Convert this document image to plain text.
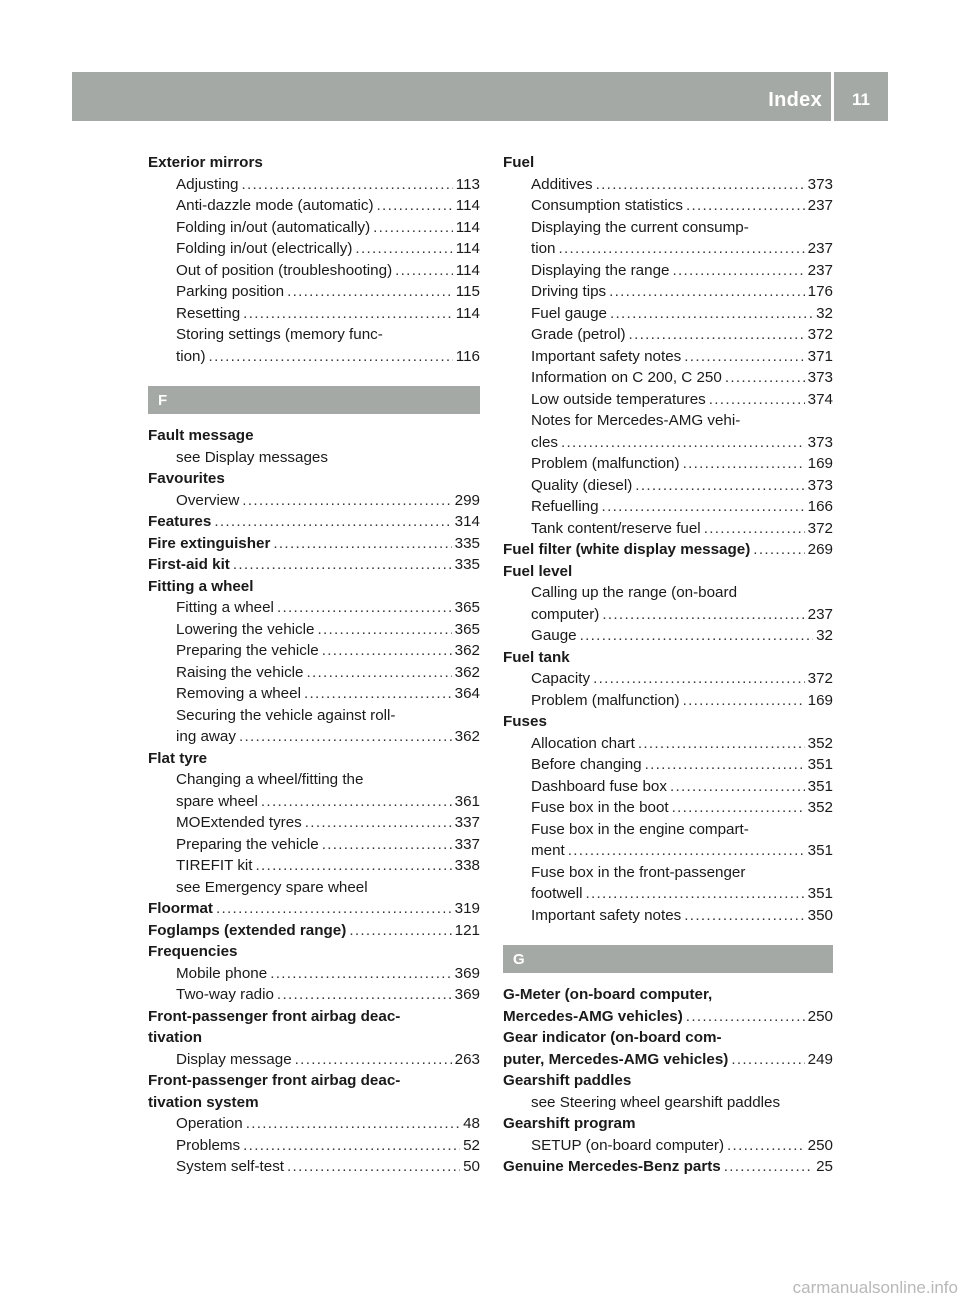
Index	11
Exterior mirrors
Adjusting .....	113
Anti-dazzle mode (automatic) .....	114
Folding in/out (automatically) .....	114
Folding in/out (electrically) .....	114
Out of position (troubleshooting) .....	114
Parking position .....	115
Resetting .....	114
Storing settings (memory func-
tion) .....	116
F
Fault message
see Display messages
Favourites
Overview .....	299
Features .....	314
Fire extinguisher .....	335
First-aid kit .....	335
Fitting a wheel
Fitting a wheel .....	365
Lowering the vehicle .....	365
Preparing the vehicle .....	362
Raising the vehicle .....	362
Removing a wheel .....	364
Securing the vehicle against roll-
ing away .....	362
Flat tyre
Changing a wheel/fitting the
spare wheel .....	361
MOExtended tyres .....	337
Preparing the vehicle .....	337
TIREFIT kit .....	338
see Emergency spare wheel
Floormat .....	319
Foglamps (extended range) .....	121
Frequencies
Mobile phone .....	369
Two-way radio .....	369
Front-passenger front airbag deac-
tivation
Display message .....	263
Front-passenger front airbag deac-
tivation system
Operation .....	48
Problems .....	52
System self-test .....	50
Fuel
Additives .....	373
Consumption statistics .....	237
Displaying the current consump-
tion .....	237
Displaying the range .....	237
Driving tips .....	176
Fuel gauge .....	32
Grade (petrol) .....	372
Important safety notes .....	371
Information on C 200, C 250 .....	373
Low outside temperatures .....	374
Notes for Mercedes-AMG vehi-
cles .....	373
Problem (malfunction) .....	169
Quality (diesel) .....	373
Refuelling .....	166
Tank content/reserve fuel .....	372
Fuel filter (white display message) .....	269
Fuel level
Calling up the range (on-board
computer) .....	237
Gauge .....	32
Fuel tank
Capacity .....	372
Problem (malfunction) .....	169
Fuses
Allocation chart .....	352
Before changing .....	351
Dashboard fuse box .....	351
Fuse box in the boot .....	352
Fuse box in the engine compart-
ment .....	351
Fuse box in the front-passenger
footwell .....	351
Important safety notes .....	350
G
G-Meter (on-board computer,
Mercedes-AMG vehicles) .....	250
Gear indicator (on-board com-
puter, Mercedes-AMG vehicles) .....	249
Gearshift paddles
see Steering wheel gearshift paddles
Gearshift program
SETUP (on-board computer) .....	250
Genuine Mercedes-Benz parts .....	25
carmanualsonline.info
